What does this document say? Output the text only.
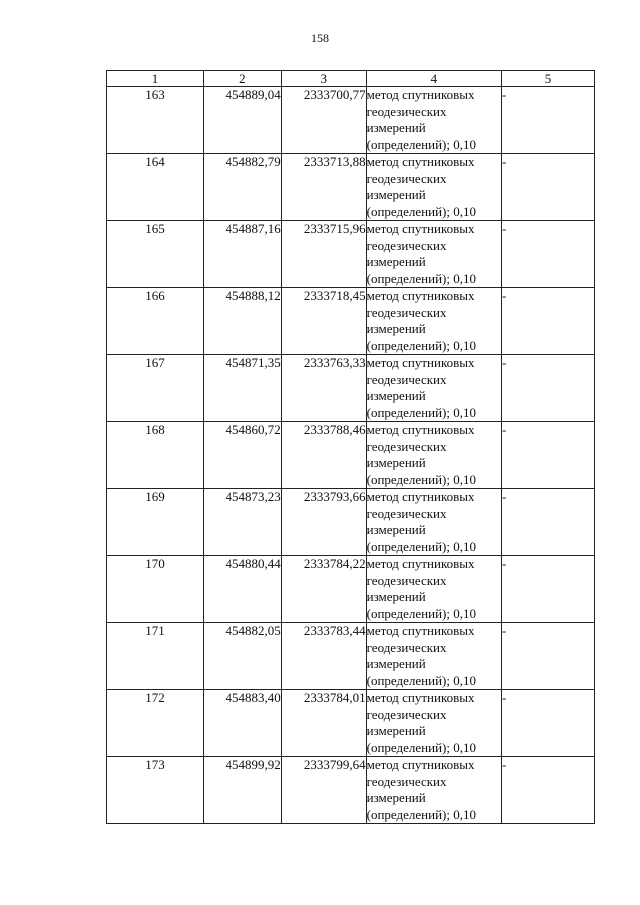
158
1	2	3	4	5
163	454889,04	2333700,77	метод спутниковых
геодезических
измерений
(определений); 0,10	-
164	454882,79	2333713,88	метод спутниковых
геодезических
измерений
(определений); 0,10	-
165	454887,16	2333715,96	метод спутниковых
геодезических
измерений
(определений); 0,10	-
166	454888,12	2333718,45	метод спутниковых
геодезических
измерений
(определений); 0,10	-
167	454871,35	2333763,33	метод спутниковых
геодезических
измерений
(определений); 0,10	-
168	454860,72	2333788,46	метод спутниковых
геодезических
измерений
(определений); 0,10	-
169	454873,23	2333793,66	метод спутниковых
геодезических
измерений
(определений); 0,10	-
170	454880,44	2333784,22	метод спутниковых
геодезических
измерений
(определений); 0,10	-
171	454882,05	2333783,44	метод спутниковых
геодезических
измерений
(определений); 0,10	-
172	454883,40	2333784,01	метод спутниковых
геодезических
измерений
(определений); 0,10	-
173	454899,92	2333799,64	метод спутниковых
геодезических
измерений
(определений); 0,10	-
